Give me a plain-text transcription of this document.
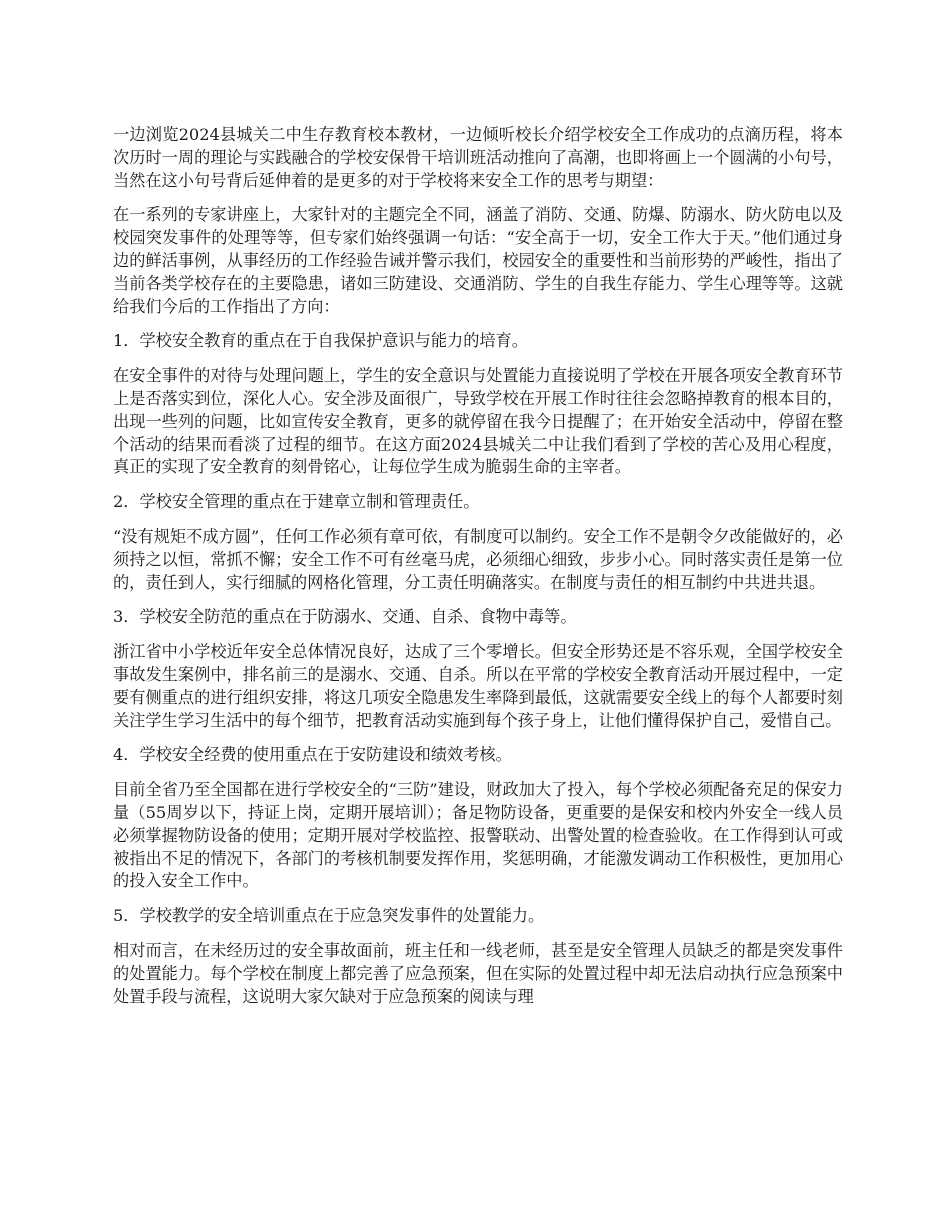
一边浏览2024县城关二中生存教育校本教材，一边倾听校长介绍学校安全工作成功的点滴历程，将本次历时一周的理论与实践融合的学校安保骨干培训班活动推向了高潮，也即将画上一个圆满的小句号，当然在这小句号背后延伸着的是更多的对于学校将来安全工作的思考与期望：

在一系列的专家讲座上，大家针对的主题完全不同，涵盖了消防、交通、防爆、防溺水、防火防电以及校园突发事件的处理等等，但专家们始终强调一句话：“安全高于一切，安全工作大于天。”他们通过身边的鲜活事例，从事经历的工作经验告诫并警示我们，校园安全的重要性和当前形势的严峻性，指出了当前各类学校存在的主要隐患，诸如三防建设、交通消防、学生的自我生存能力、学生心理等等。这就给我们今后的工作指出了方向：

1．学校安全教育的重点在于自我保护意识与能力的培育。

在安全事件的对待与处理问题上，学生的安全意识与处置能力直接说明了学校在开展各项安全教育环节上是否落实到位，深化人心。安全涉及面很广，导致学校在开展工作时往往会忽略掉教育的根本目的，出现一些列的问题，比如宣传安全教育，更多的就停留在我今日提醒了；在开始安全活动中，停留在整个活动的结果而看淡了过程的细节。在这方面2024县城关二中让我们看到了学校的苦心及用心程度，真正的实现了安全教育的刻骨铭心，让每位学生成为脆弱生命的主宰者。

2．学校安全管理的重点在于建章立制和管理责任。

“没有规矩不成方圆”，任何工作必须有章可依，有制度可以制约。安全工作不是朝令夕改能做好的，必须持之以恒，常抓不懈；安全工作不可有丝毫马虎，必须细心细致，步步小心。同时落实责任是第一位的，责任到人，实行细腻的网格化管理，分工责任明确落实。在制度与责任的相互制约中共进共退。

3．学校安全防范的重点在于防溺水、交通、自杀、食物中毒等。

浙江省中小学校近年安全总体情况良好，达成了三个零增长。但安全形势还是不容乐观，全国学校安全事故发生案例中，排名前三的是溺水、交通、自杀。所以在平常的学校安全教育活动开展过程中，一定要有侧重点的进行组织安排，将这几项安全隐患发生率降到最低，这就需要安全线上的每个人都要时刻关注学生学习生活中的每个细节，把教育活动实施到每个孩子身上，让他们懂得保护自己，爱惜自己。

4．学校安全经费的使用重点在于安防建设和绩效考核。

目前全省乃至全国都在进行学校安全的“三防”建设，财政加大了投入，每个学校必须配备充足的保安力量（55周岁以下，持证上岗，定期开展培训）；备足物防设备，更重要的是保安和校内外安全一线人员必须掌握物防设备的使用；定期开展对学校监控、报警联动、出警处置的检查验收。在工作得到认可或被指出不足的情况下，各部门的考核机制要发挥作用，奖惩明确，才能激发调动工作积极性，更加用心的投入安全工作中。

5．学校教学的安全培训重点在于应急突发事件的处置能力。

相对而言，在未经历过的安全事故面前，班主任和一线老师，甚至是安全管理人员缺乏的都是突发事件的处置能力。每个学校在制度上都完善了应急预案，但在实际的处置过程中却无法启动执行应急预案中处置手段与流程，这说明大家欠缺对于应急预案的阅读与理
